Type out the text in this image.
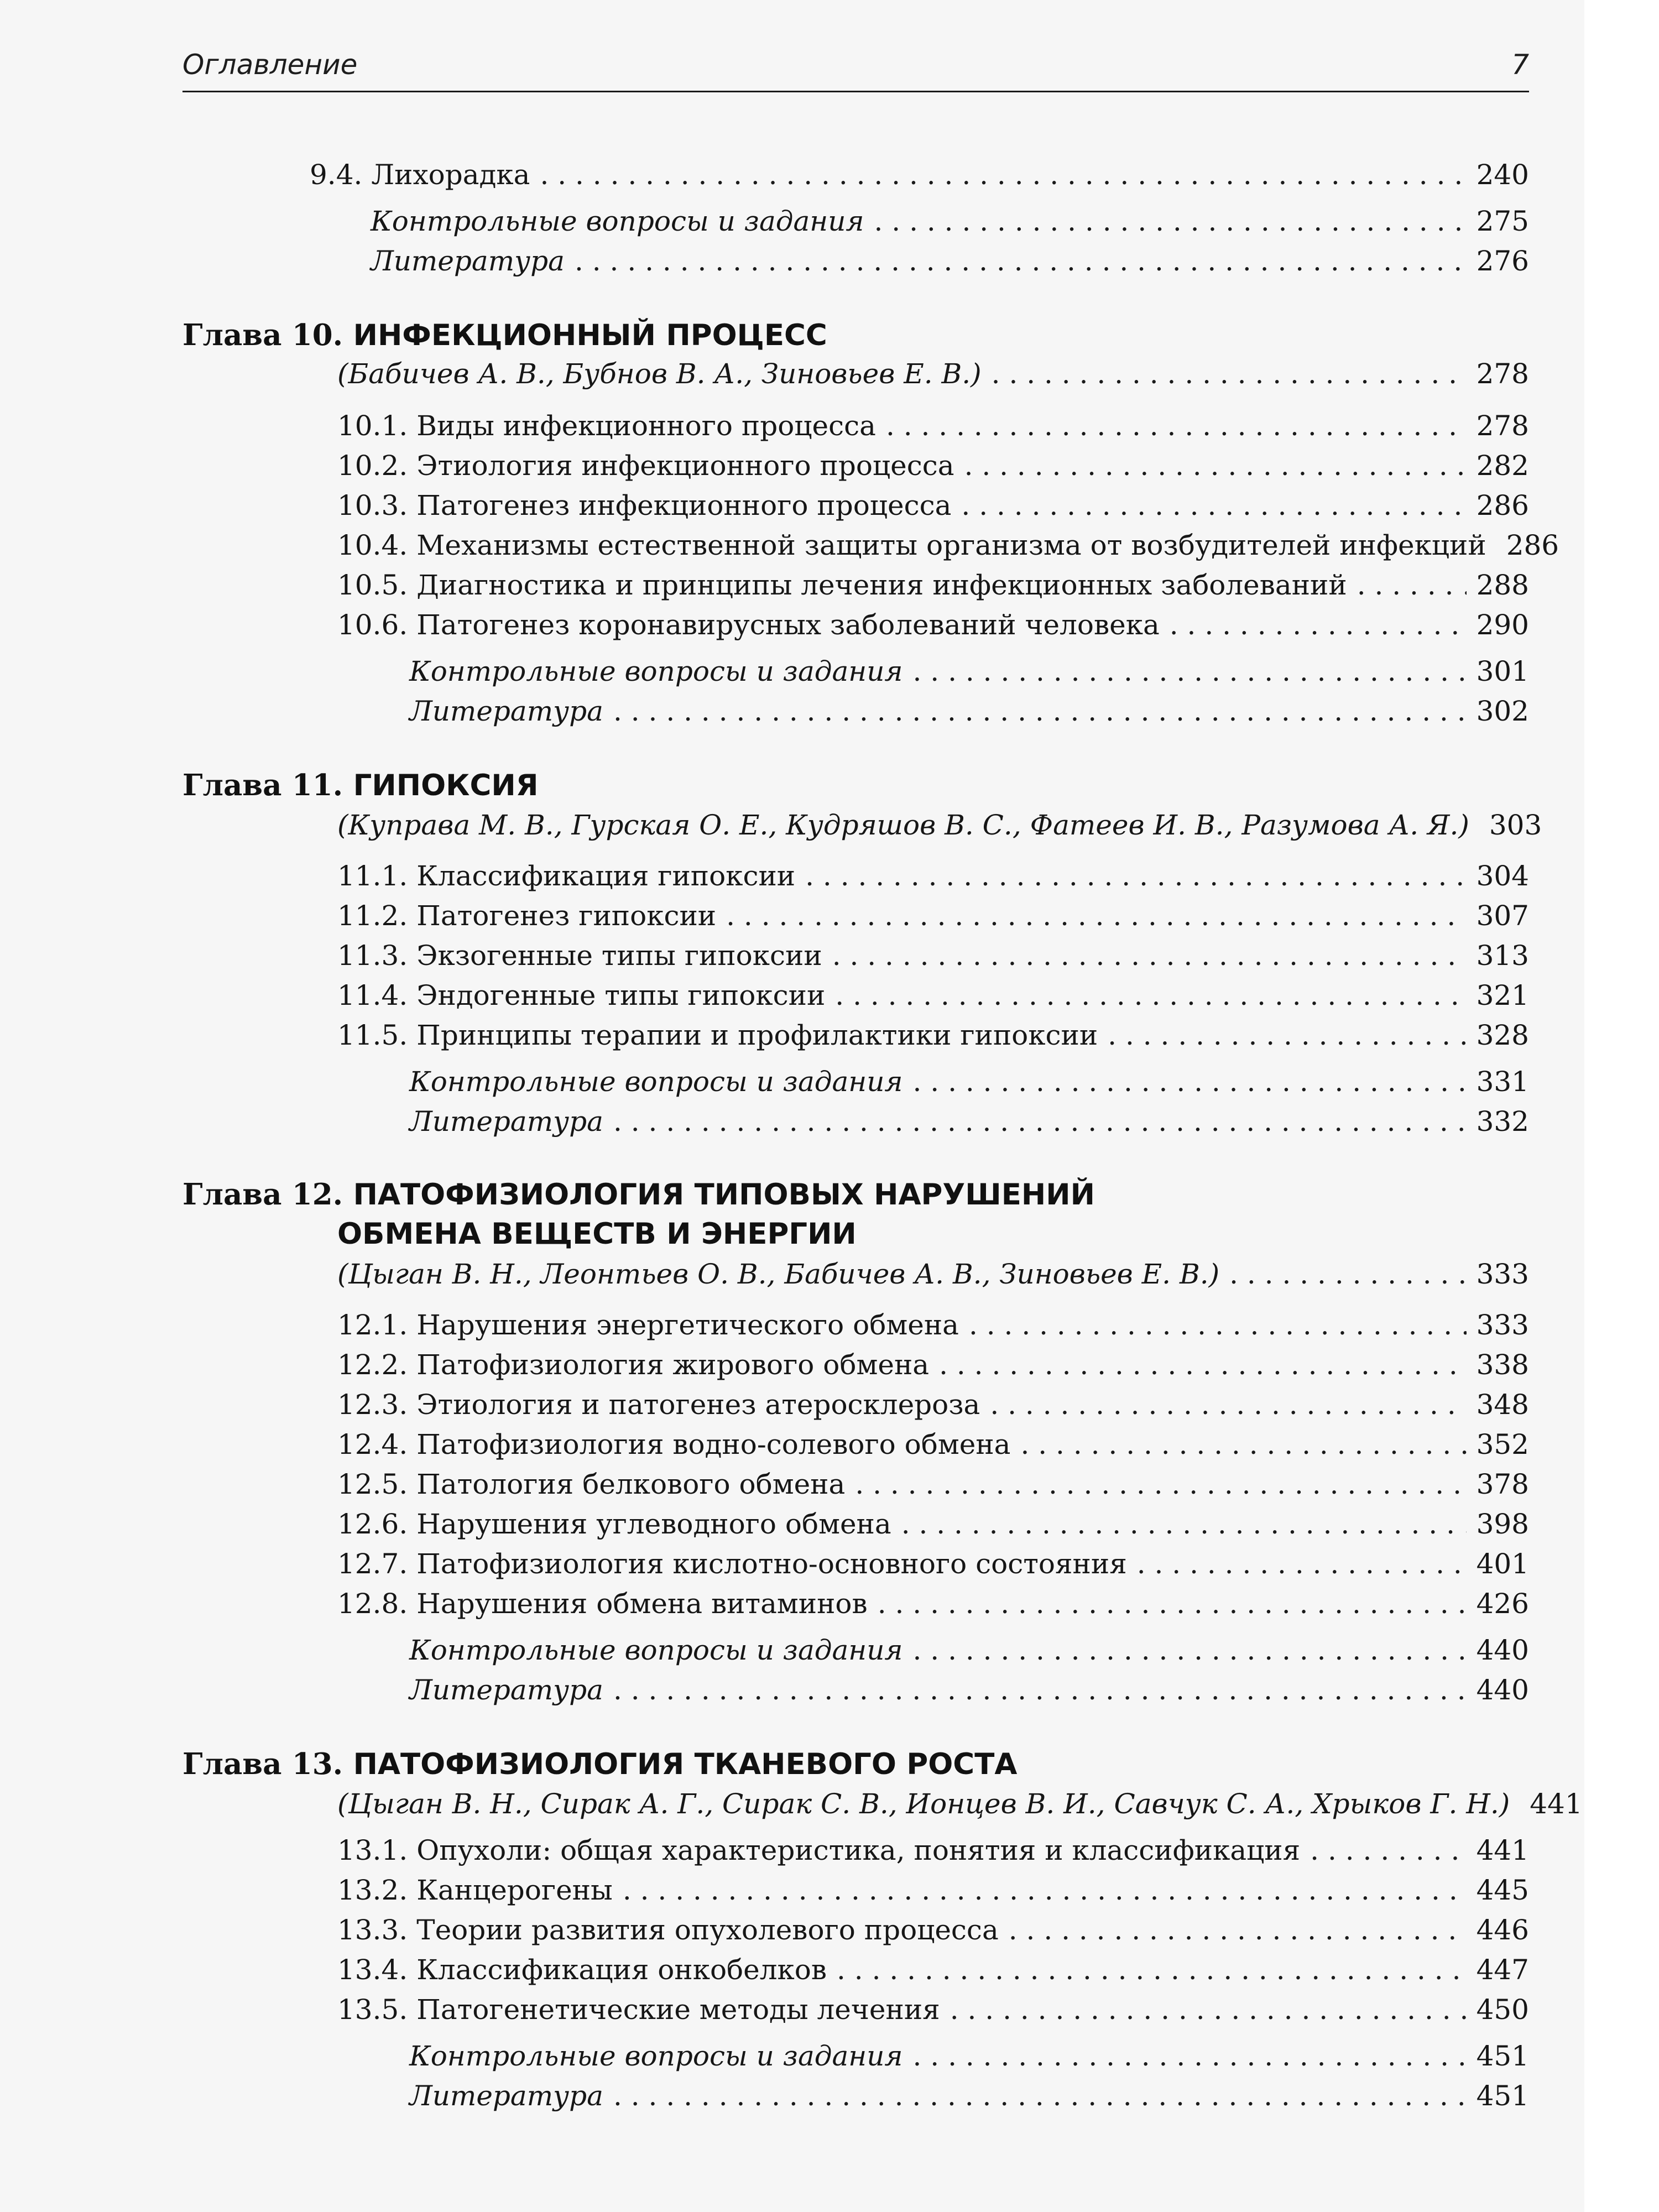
Оглавление	7
9.4. Лихорадка . . .	240
Контрольные вопросы и задания . . .	275
Литература . . .	276
Глава 10. ИНФЕКЦИОННЫЙ ПРОЦЕСС
(Бабичев А. В., Бубнов В. А., Зиновьев Е. В.) . . .	278
10.1. Виды инфекционного процесса . . .	278
10.2. Этиология инфекционного процесса . . .	282
10.3. Патогенез инфекционного процесса . . .	286
10.4. Механизмы естественной защиты организма от возбудителей инфекций 286
10.5. Диагностика и принципы лечения инфекционных заболеваний . . .	288
10.6. Патогенез коронавирусных заболеваний человека . . .	290
Контрольные вопросы и задания . . .	301
Литература . . .	302
Глава 11. ГИПОКСИЯ
(Куправа М. В., Гурская О. Е., Кудряшов В. С., Фатеев И. В., Разумова А. Я.) 303
11.1. Классификация гипоксии . . .	304
11.2. Патогенез гипоксии . . .	307
11.3. Экзогенные типы гипоксии . . .	313
11.4. Эндогенные типы гипоксии . . .	321
11.5. Принципы терапии и профилактики гипоксии . . .	328
Контрольные вопросы и задания . . .	331
Литература . . .	332
Глава 12. ПАТОФИЗИОЛОГИЯ ТИПОВЫХ НАРУШЕНИЙ
ОБМЕНА ВЕЩЕСТВ И ЭНЕРГИИ
(Цыган В. Н., Леонтьев О. В., Бабичев А. В., Зиновьев Е. В.) . . .	333
12.1. Нарушения энергетического обмена . . .	333
12.2. Патофизиология жирового обмена . . .	338
12.3. Этиология и патогенез атеросклероза . . .	348
12.4. Патофизиология водно-солевого обмена . . .	352
12.5. Патология белкового обмена . . .	378
12.6. Нарушения углеводного обмена . . .	398
12.7. Патофизиология кислотно-основного состояния . . .	401
12.8. Нарушения обмена витаминов . . .	426
Контрольные вопросы и задания . . .	440
Литература . . .	440
Глава 13. ПАТОФИЗИОЛОГИЯ ТКАНЕВОГО РОСТА
(Цыган В. Н., Сирак А. Г., Сирак С. В., Ионцев В. И., Савчук С. А., Хрыков Г. Н.) 441
13.1. Опухоли: общая характеристика, понятия и классификация . . .	441
13.2. Канцерогены . . .	445
13.3. Теории развития опухолевого процесса . . .	446
13.4. Классификация онкобелков . . .	447
13.5. Патогенетические методы лечения . . .	450
Контрольные вопросы и задания . . .	451
Литература . . .	451
